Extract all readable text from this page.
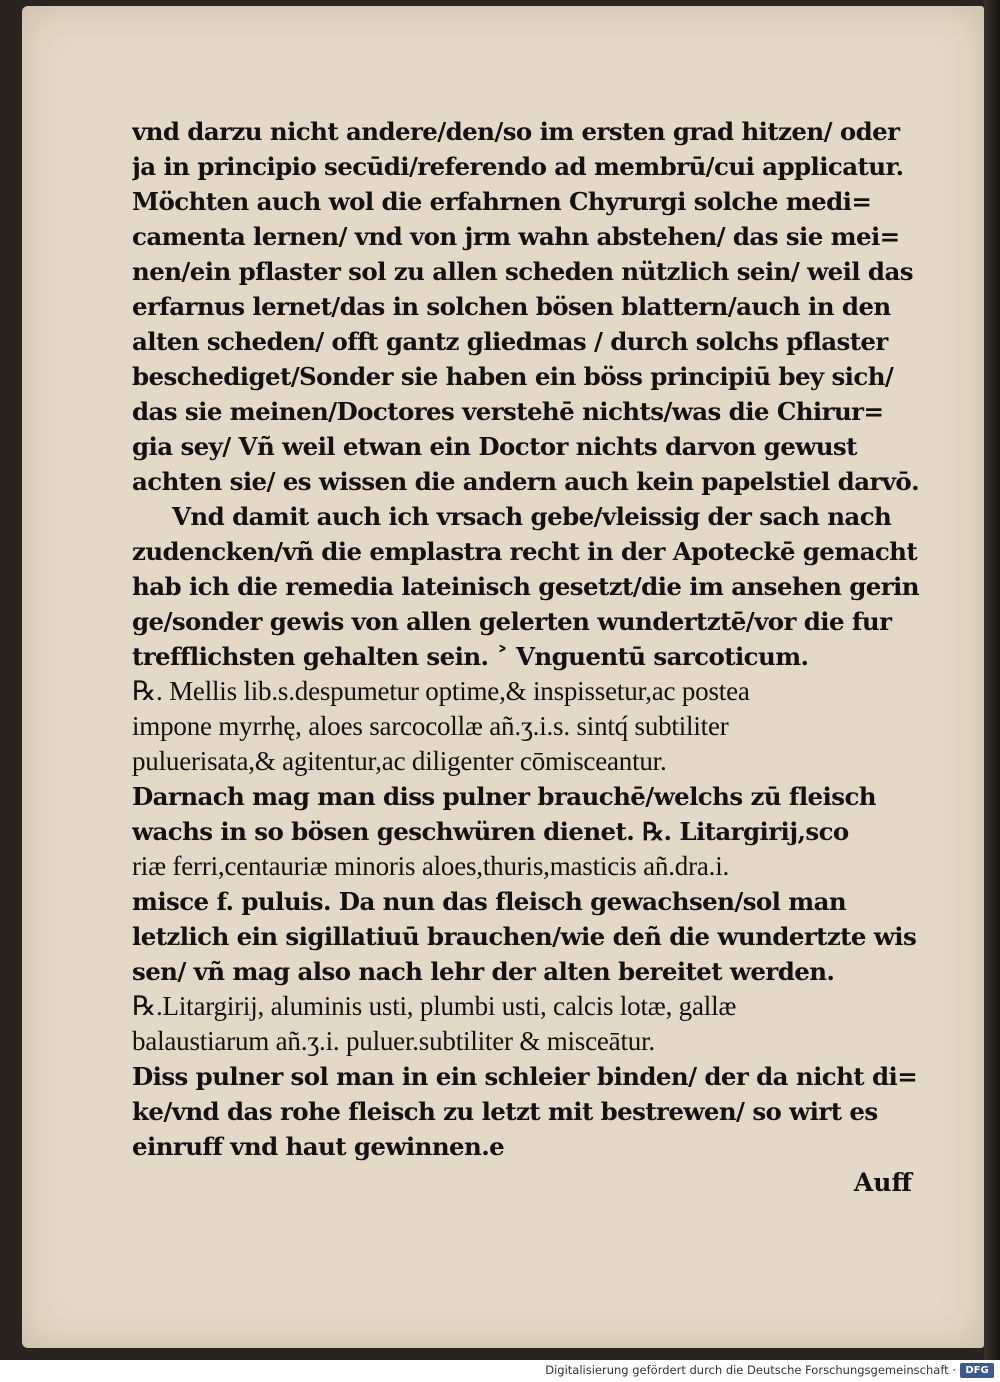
vnd darzu nicht andere/den/so im ersten grad hitzen/ oder
ja in principio secūdi/referendo ad membrū/cui applicatur.
Möchten auch wol die erfahrnen Chyrurgi solche medi=
camenta lernen/ vnd von jrm wahn abstehen/ das sie mei=
nen/ein pflaster sol zu allen scheden nützlich sein/ weil das
erfarnus lernet/das in solchen bösen blattern/auch in den
alten scheden/ offt gantz gliedmas / durch solchs pflaster
beschediget/Sonder sie haben ein böss principiū bey sich/
das sie meinen/Doctores verstehē nichts/was die Chirur=
gia sey/ Vñ weil etwan ein Doctor nichts darvon gewust
achten sie/ es wissen die andern auch kein papelstiel darvō.
Vnd damit auch ich vrsach gebe/vleissig der sach nach
zudencken/vñ die emplastra recht in der Apoteckē gemacht
hab ich die remedia lateinisch gesetzt/die im ansehen gerin
ge/sonder gewis von allen gelerten wundertztē/vor die fur
trefflichsten gehalten sein. ˃ Vnguentū sarcoticum.
℞. Mellis lib.s.despumetur optime,& inspissetur,ac postea
impone myrrhę, aloes sarcocollæ añ.ʒ.i.s. sintq́ subtiliter
puluerisata,& agitentur,ac diligenter cōmisceantur.
Darnach mag man diss pulner brauchē/welchs zū fleisch
wachs in so bösen geschwüren dienet. ℞. Litargirij,sco
riæ ferri,centauriæ minoris aloes,thuris,masticis añ.dra.i.
misce f. puluis. Da nun das fleisch gewachsen/sol man
letzlich ein sigillatiuū brauchen/wie deñ die wundertzte wis
sen/ vñ mag also nach lehr der alten bereitet werden.
℞.Litargirij, aluminis usti, plumbi usti, calcis lotæ, gallæ
balaustiarum añ.ʒ.i. puluer.subtiliter & misceātur.
Diss pulner sol man in ein schleier binden/ der da nicht di=
ke/vnd das rohe fleisch zu letzt mit bestrewen/ so wirt es
einruff vnd haut gewinnen.e
Auff
Digitalisierung gefördert durch die Deutsche Forschungsgemeinschaft · DFG
